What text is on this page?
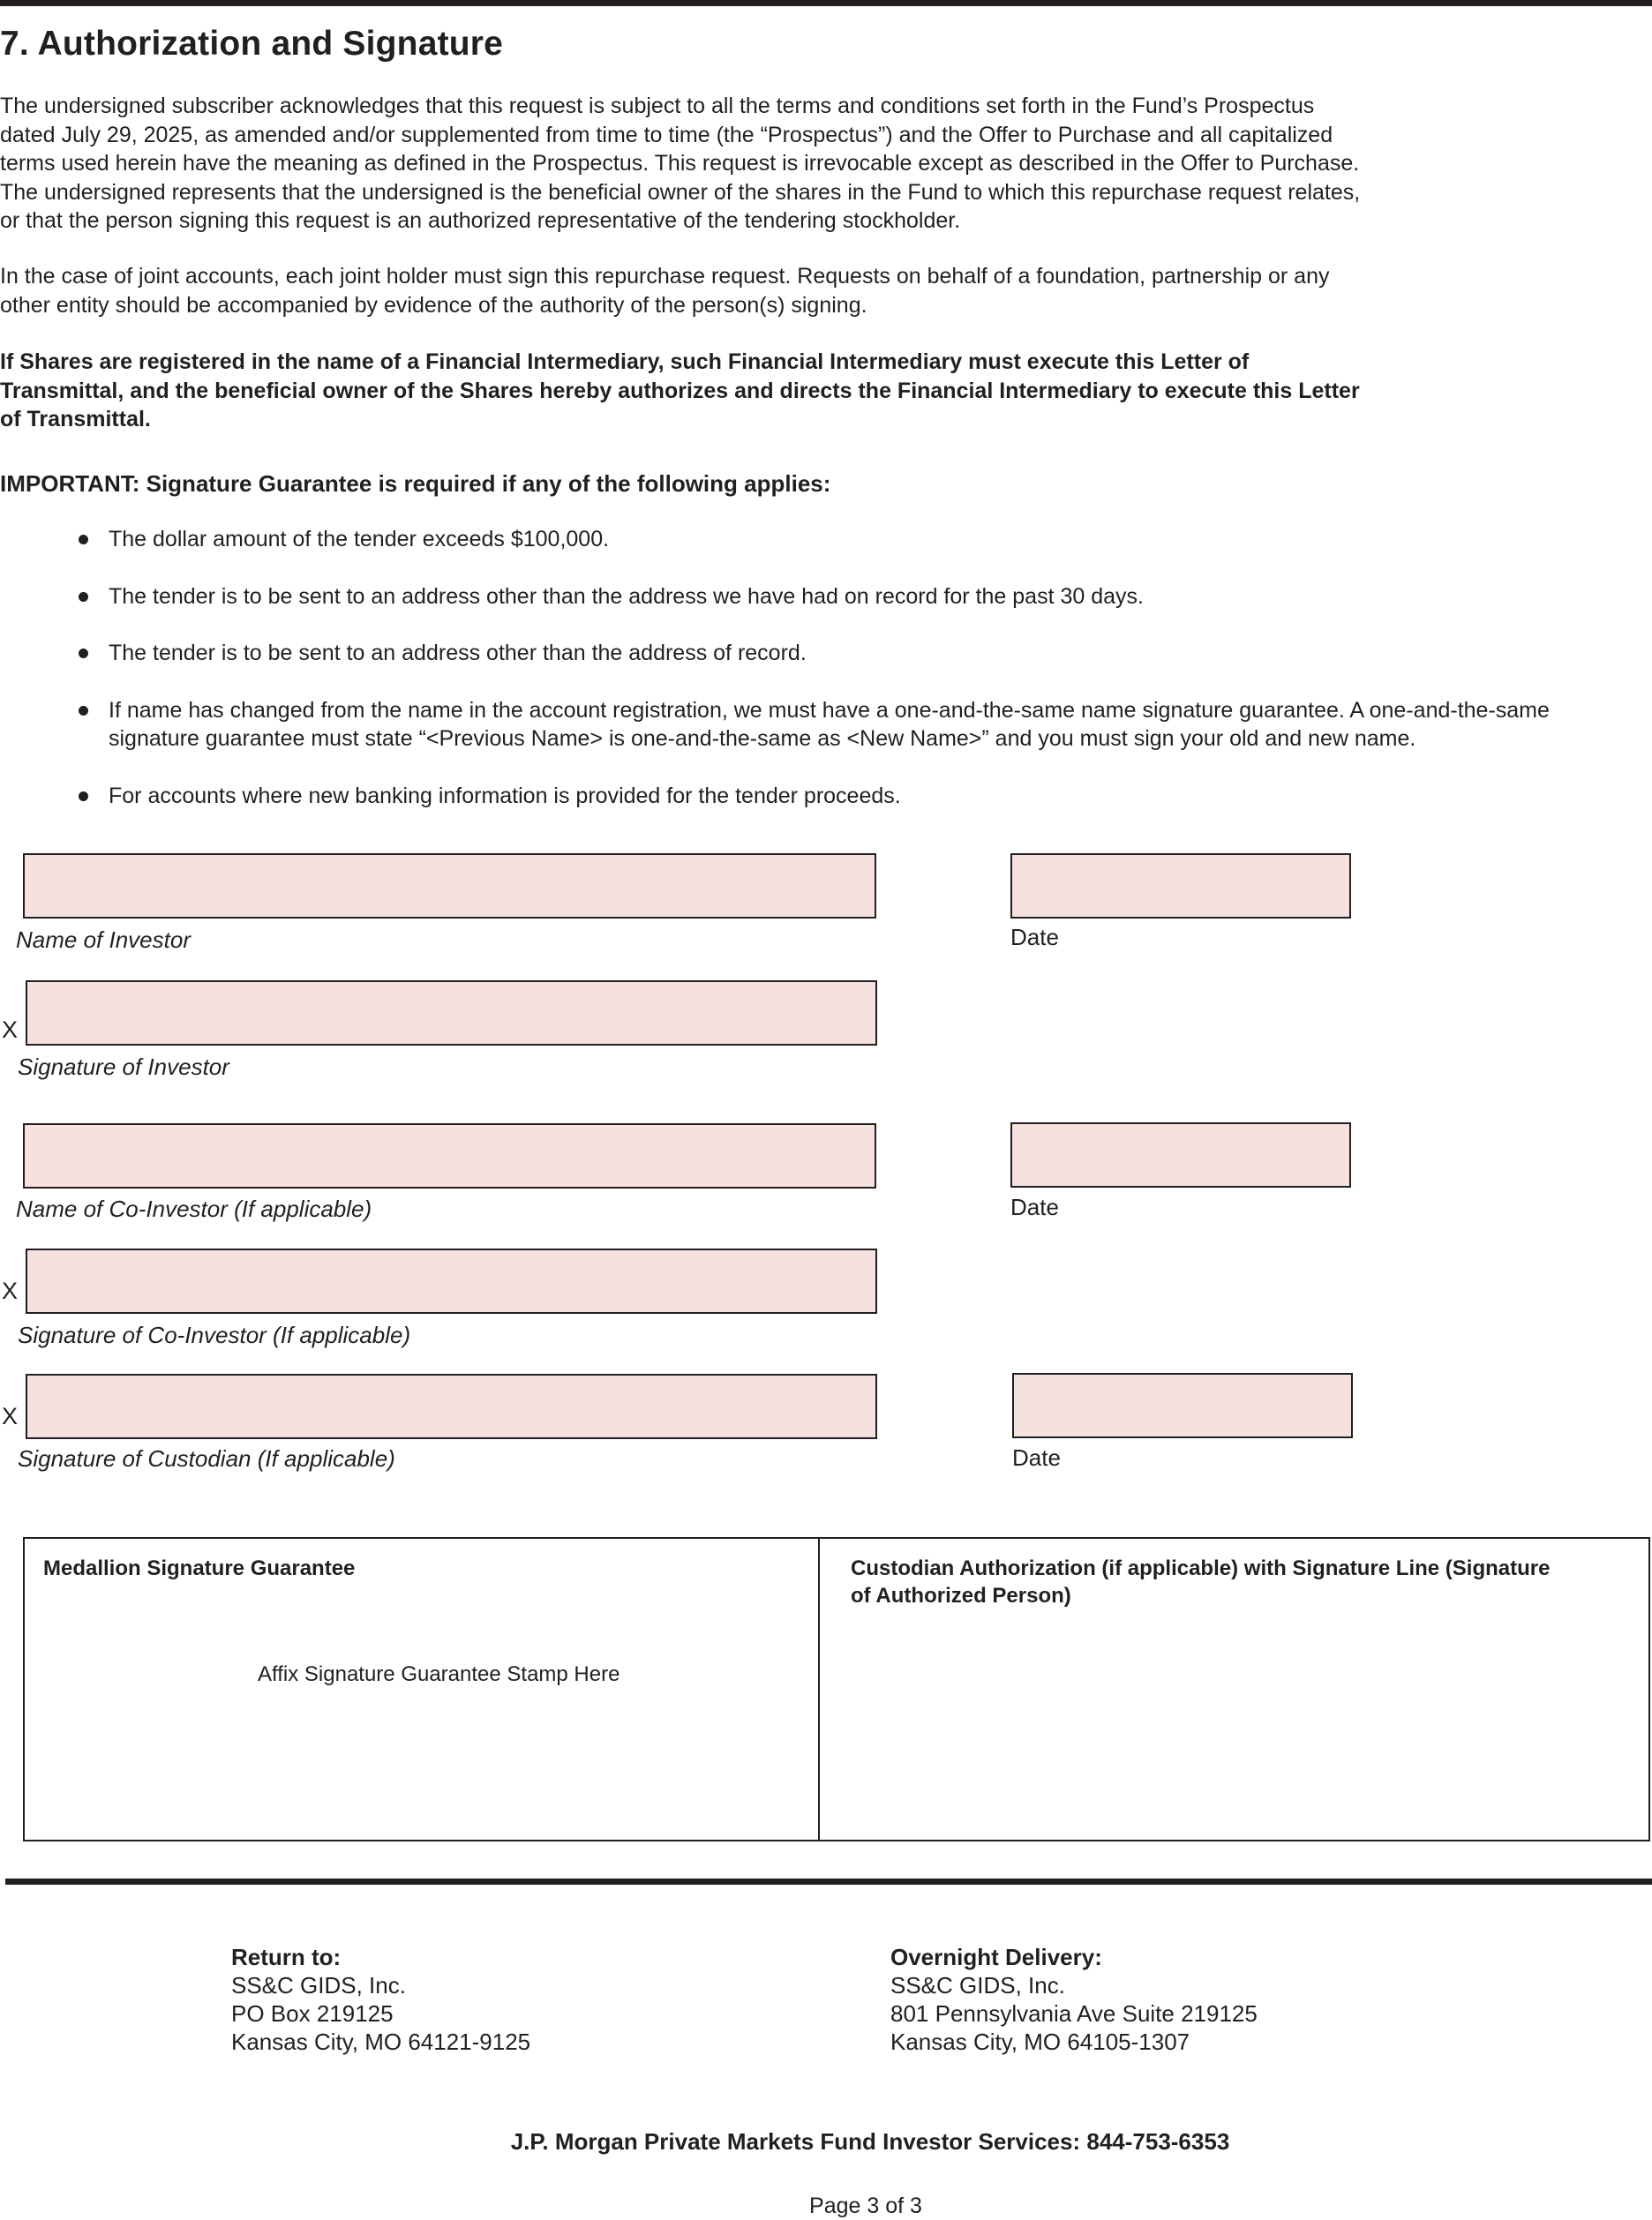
7. Authorization and Signature

The undersigned subscriber acknowledges that this request is subject to all the terms and conditions set forth in the Fund’s Prospectus
dated July 29, 2025, as amended and/or supplemented from time to time (the “Prospectus”) and the Offer to Purchase and all capitalized
terms used herein have the meaning as defined in the Prospectus. This request is irrevocable except as described in the Offer to Purchase.
The undersigned represents that the undersigned is the beneficial owner of the shares in the Fund to which this repurchase request relates,
or that the person signing this request is an authorized representative of the tendering stockholder.

In the case of joint accounts, each joint holder must sign this repurchase request. Requests on behalf of a foundation, partnership or any
other entity should be accompanied by evidence of the authority of the person(s) signing.

If Shares are registered in the name of a Financial Intermediary, such Financial Intermediary must execute this Letter of
Transmittal, and the beneficial owner of the Shares hereby authorizes and directs the Financial Intermediary to execute this Letter
of Transmittal.

IMPORTANT: Signature Guarantee is required if any of the following applies:
The dollar amount of the tender exceeds $100,000.
The tender is to be sent to an address other than the address we have had on record for the past 30 days.
The tender is to be sent to an address other than the address of record.
If name has changed from the name in the account registration, we must have a one-and-the-same name signature guarantee. A one-and-the-same signature guarantee must state “<Previous Name> is one-and-the-same as <New Name>” and you must sign your old and new name.
For accounts where new banking information is provided for the tender proceeds.
Name of Investor	Date
X
Signature of Investor
Name of Co-Investor (If applicable)	Date
X
Signature of Co-Investor (If applicable)
X
Signature of Custodian (If applicable)	Date
Medallion Signature Guarantee
Affix Signature Guarantee Stamp Here
Custodian Authorization (if applicable) with Signature Line (Signature
of Authorized Person)
Return to:
SS&C GIDS, Inc.
PO Box 219125
Kansas City, MO 64121-9125
Overnight Delivery:
SS&C GIDS, Inc.
801 Pennsylvania Ave Suite 219125
Kansas City, MO 64105-1307
J.P. Morgan Private Markets Fund Investor Services: 844-753-6353
Page 3 of 3
